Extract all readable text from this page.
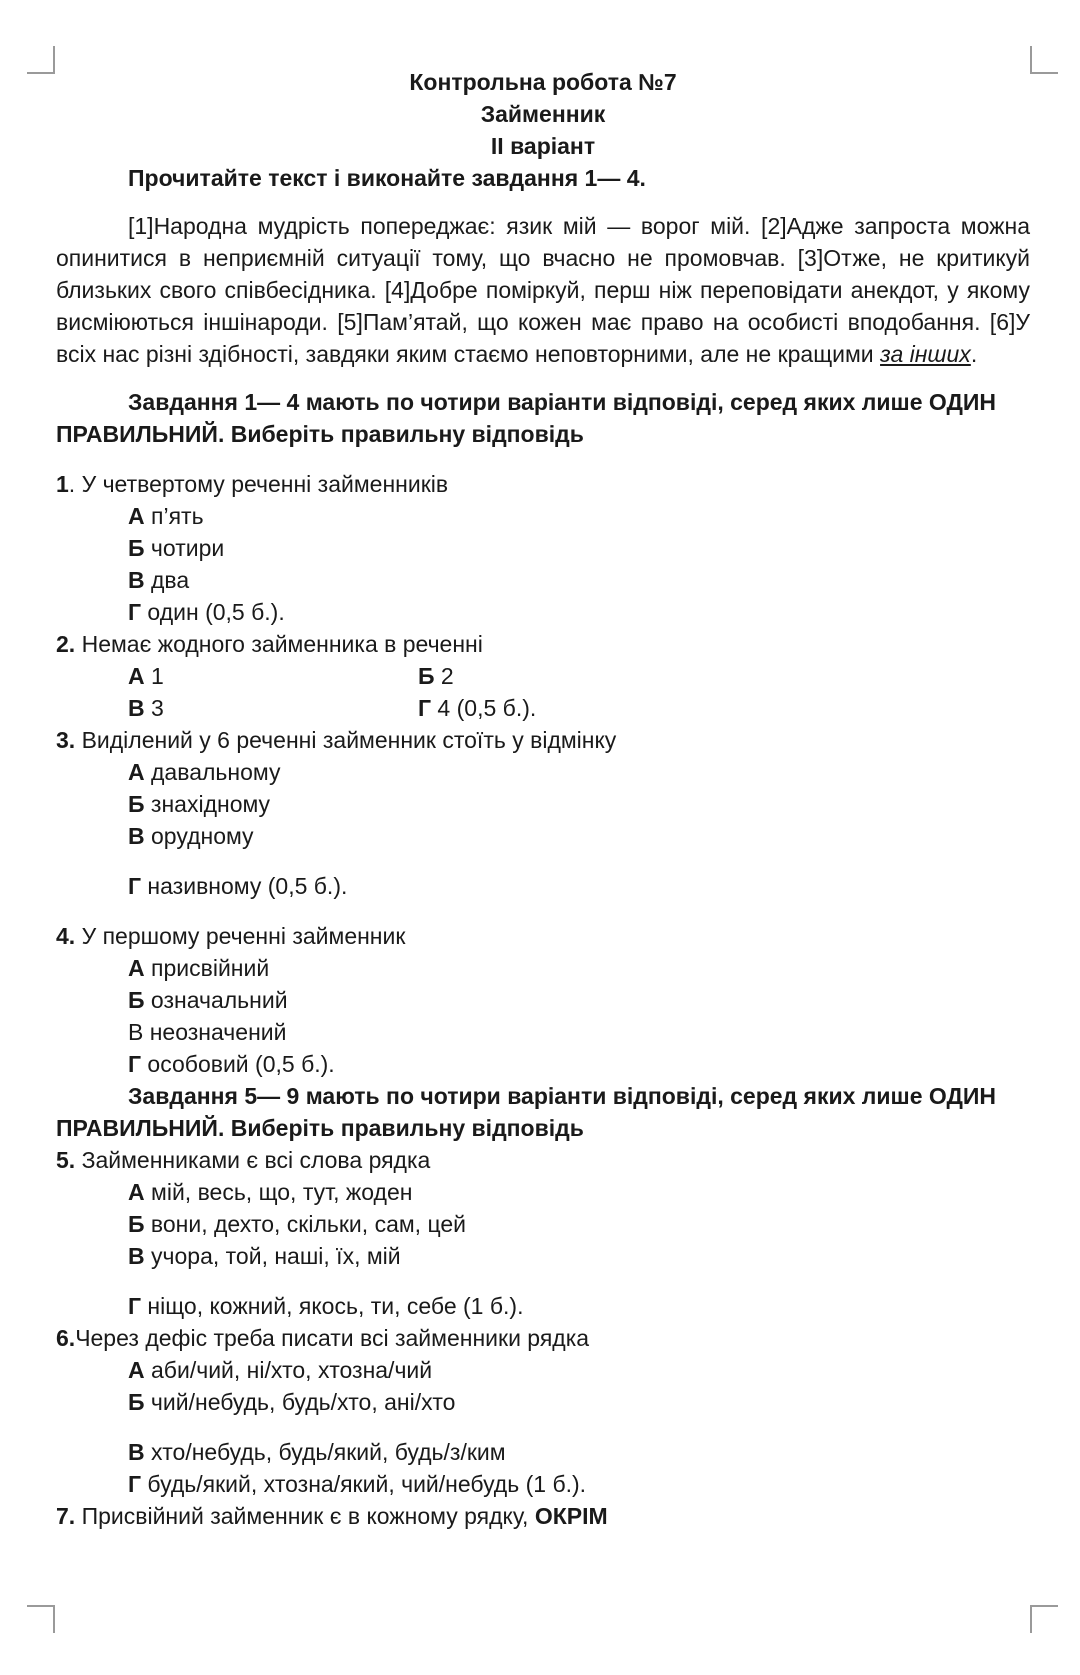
Контрольна робота №7
Займенник
ІІ варіант
Прочитайте текст і виконайте завдання 1— 4.
[1]Народна мудрість попереджає: язик мій — ворог мій. [2]Адже запроста можна опинитися в неприємній ситуації тому, що вчасно не промовчав. [3]Отже, не критикуй близьких свого співбесідника. [4]Добре поміркуй, перш ніж переповідати анекдот, у якому висміюються іншінароди. [5]Пам’ятай, що кожен має право на особисті вподобання. [6]У всіх нас різні здібності, завдяки яким стаємо неповторними, але не кращими за інших.
Завдання 1— 4 мають по чотири варіанти відповіді, серед яких лише ОДИН
ПРАВИЛЬНИЙ. Виберіть правильну відповідь
1. У четвертому реченні займенників
А п’ять
Б чотири
В два
Г один (0,5 б.).
2. Немає жодного займенника в реченні
А 1	Б 2
В 3	Г 4 (0,5 б.).
3. Виділений у 6 реченні займенник стоїть у відмінку
А давальному
Б знахідному
В орудному
Г називному (0,5 б.).
4. У першому реченні займенник
А присвійний
Б означальний
В неозначений
Г особовий (0,5 б.).
Завдання 5— 9 мають по чотири варіанти відповіді, серед яких лише ОДИН
ПРАВИЛЬНИЙ. Виберіть правильну відповідь
5. Займенниками є всі слова рядка
А мій, весь, що, тут, жоден
Б вони, дехто, скільки, сам, цей
В учора, той, наші, їх, мій
Г ніщо, кожний, якось, ти, себе (1 б.).
6.Через дефіс треба писати всі займенники рядка
А аби/чий, ні/хто, хтозна/чий
Б чий/небудь, будь/хто, ані/хто
В хто/небудь, будь/який, будь/з/ким
Г будь/який, хтозна/який, чий/небудь (1 б.).
7. Присвійний займенник є в кожному рядку, ОКРІМ
